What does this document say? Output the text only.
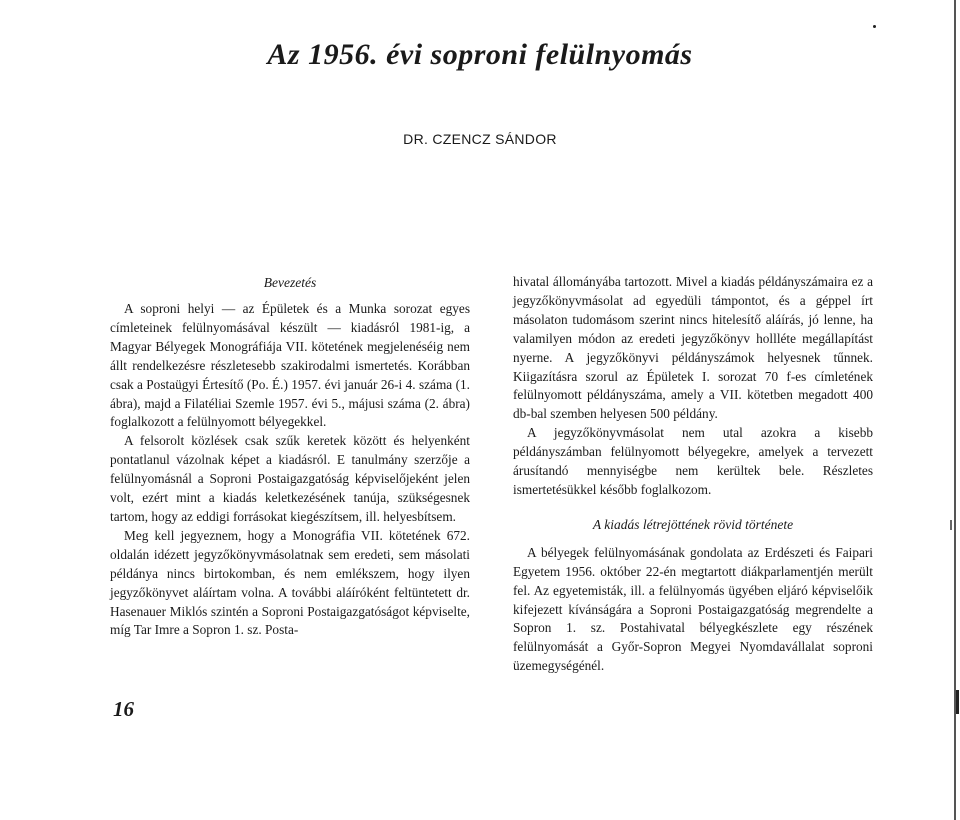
Az 1956. évi soproni felülnyomás
DR. CZENCZ SÁNDOR
Bevezetés

A soproni helyi — az Épületek és a Munka sorozat egyes címleteinek felülnyomásával készült — kiadásról 1981-ig, a Magyar Bélyegek Monográfiája VII. kötetének megjelenéséig nem állt rendelkezésre részletesebb szakirodalmi ismertetés. Korábban csak a Postaügyi Értesítő (Po. É.) 1957. évi január 26-i 4. száma (1. ábra), majd a Filatéliai Szemle 1957. évi 5., májusi száma (2. ábra) foglalkozott a felülnyomott bélyegekkel.

A felsorolt közlések csak szűk keretek között és helyenként pontatlanul vázolnak képet a kiadásról. E tanulmány szerzője a felülnyomásnál a Soproni Postaigazgatóság képviselőjeként jelen volt, ezért mint a kiadás keletkezésének tanúja, szükségesnek tartom, hogy az eddigi forrásokat kiegészítsem, ill. helyesbítsem.

Meg kell jegyeznem, hogy a Monográfia VII. kötetének 672. oldalán idézett jegyzőkönyvmásolatnak sem eredeti, sem másolati példánya nincs birtokomban, és nem emlékszem, hogy ilyen jegyzőkönyvet aláírtam volna. A további aláíróként feltüntetett dr. Hasenauer Miklós szintén a Soproni Postaigazgatóságot képviselte, míg Tar Imre a Sopron 1. sz. Posta-

hivatal állományába tartozott. Mivel a kiadás példányszámaira ez a jegyzőkönyvmásolat ad egyedüli támpontot, és a géppel írt másolaton tudomásom szerint nincs hitelesítő aláírás, jó lenne, ha valamilyen módon az eredeti jegyzőkönyv hollléte megállapítást nyerne. A jegyzőkönyvi példányszámok helyesnek tűnnek. Kiigazításra szorul az Épületek I. sorozat 70 f-es címletének felülnyomott példányszáma, amely a VII. kötetben megadott 400 db-bal szemben helyesen 500 példány.

A jegyzőkönyvmásolat nem utal azokra a kisebb példányszámban felülnyomott bélyegekre, amelyek a tervezett árusítandó mennyiségbe nem kerültek bele. Részletes ismertetésükkel később foglalkozom.

A kiadás létrejöttének rövid története

A bélyegek felülnyomásának gondolata az Erdészeti és Faipari Egyetem 1956. október 22-én megtartott diákparlamentjén merült fel. Az egyetemisták, ill. a felülnyomás ügyében eljáró képviselőik kifejezett kívánságára a Soproni Postaigazgatóság megrendelte a Sopron 1. sz. Postahivatal bélyegkészlete egy részének felülnyomását a Győr-Sopron Megyei Nyomdavállalat soproni üzemegységénél.

16
